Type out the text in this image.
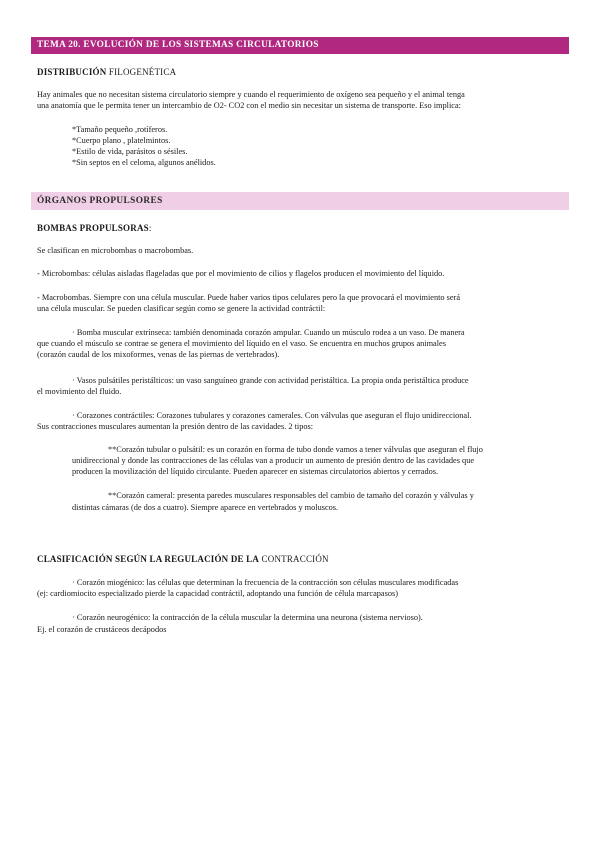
TEMA 20. EVOLUCIÓN DE LOS SISTEMAS CIRCULATORIOS
DISTRIBUCIÓN FILOGENÉTICA
Hay animales que no necesitan sistema circulatorio siempre y cuando el requerimiento de oxígeno sea pequeño y el animal tenga
una anatomía que le permita tener un intercambio de O2- CO2 con el medio sin necesitar un sistema de transporte. Eso implica:
*Tamaño pequeño ,rotíferos.
*Cuerpo plano , platelmintos.
*Estilo de vida, parásitos o sésiles.
*Sin septos en el celoma, algunos anélidos.
ÓRGANOS PROPULSORES
BOMBAS PROPULSORAS:
Se clasifican en microbombas o macrobombas.
- Microbombas: células aisladas flageladas que por el movimiento de cilios y flagelos producen el movimiento del líquido.
- Macrobombas. Siempre con una célula muscular. Puede haber varios tipos celulares pero la que provocará el movimiento será
una célula muscular. Se pueden clasificar según como se genere la actividad contráctil:
· Bomba muscular extrínseca: también denominada corazón ampular. Cuando un músculo rodea a un vaso. De manera
que cuando el músculo se contrae se genera el movimiento del líquido en el vaso. Se encuentra en muchos grupos animales
(corazón caudal de los mixoformes, venas de las piernas de vertebrados).
· Vasos pulsátiles peristálticos: un vaso sanguíneo grande con actividad peristáltica. La propia onda peristáltica produce
el movimiento del fluido.
· Corazones contráctiles: Corazones tubulares y corazones camerales. Con válvulas que aseguran el flujo unidireccional.
Sus contracciones musculares aumentan la presión dentro de las cavidades. 2 tipos:
**Corazón tubular o pulsátil: es un corazón en forma de tubo donde vamos a tener válvulas que aseguran el flujo
unidireccional y donde las contracciones de las células van a producir un aumento de presión dentro de las cavidades que
producen la movilización del líquido circulante. Pueden aparecer en sistemas circulatorios abiertos y cerrados.
**Corazón cameral: presenta paredes musculares responsables del cambio de tamaño del corazón y válvulas y
distintas cámaras (de dos a cuatro). Siempre aparece en vertebrados y moluscos.
CLASIFICACIÓN SEGÚN LA REGULACIÓN DE LA CONTRACCIÓN
· Corazón miogénico: las células que determinan la frecuencia de la contracción son células musculares modificadas
(ej: cardiomiocito especializado pierde la capacidad contráctil, adoptando una función de célula marcapasos)
· Corazón neurogénico: la contracción de la célula muscular la determina una neurona (sistema nervioso).
Ej. el corazón de crustáceos decápodos
